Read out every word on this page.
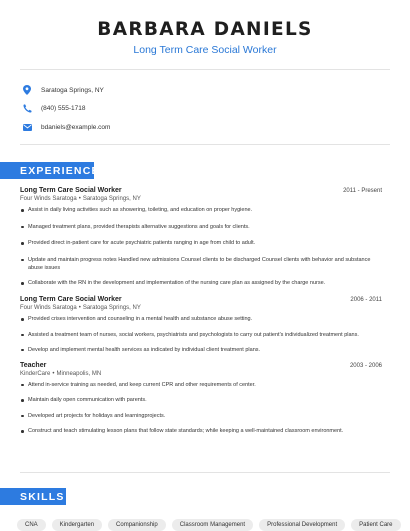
BARBARA DANIELS
Long Term Care Social Worker
Saratoga Springs, NY
(840) 555-1718
bdaniels@example.com
EXPERIENCE
Long Term Care Social Worker	2011 - Present
Four Winds Saratoga • Saratoga Springs, NY
Assist in daily living activities such as showering, toileting, and education on proper hygiene.
Managed treatment plans, provided therapists alternative suggestions and goals for clients.
Provided direct in-patient care for acute psychiatric patients ranging in age from child to adult.
Update and maintain progress notes Handled new admissions Counsel clients to be discharged Counsel clients with behavior and substance abuse issues
Collaborate with the RN in the development and implementation of the nursing care plan as assigned by the charge nurse.
Long Term Care Social Worker	2006 - 2011
Four Winds Saratoga • Saratoga Springs, NY
Provided crises intervention and counseling in a mental health and substance abuse setting.
Assisted a treatment team of nurses, social workers, psychiatrists and psychologists to carry out patient's individualized treatment plans.
Develop and implement mental health services as indicated by individual client treatment plans.
Teacher	2003 - 2006
KinderCare • Minneapolis, MN
Attend in-service training as needed, and keep current CPR and other requirements of center.
Maintain daily open communication with parents.
Developed art projects for holidays and learningprojects.
Construct and teach stimulating lesson plans that follow state standards; while keeping a well-maintained classroom environment.
SKILLS
CNA	Kindergarten	Companionship	Classroom Management	Professional Development	Patient Care
